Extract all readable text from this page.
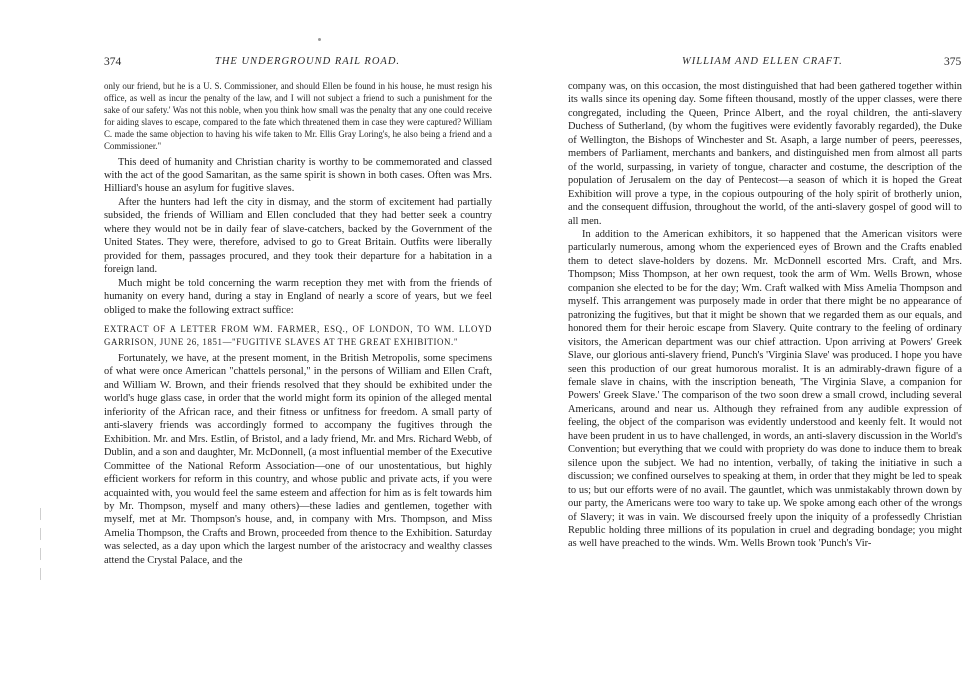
374	THE UNDERGROUND RAIL ROAD.	WILLIAM AND ELLEN CRAFT.	375

only our friend, but he is a U. S. Commissioner, and should Ellen be found in his house, he must resign his office, as well as incur the penalty of the law, and I will not subject a friend to such a punishment for the sake of our safety.' Was not this noble, when you think how small was the penalty that any one could receive for aiding slaves to escape, compared to the fate which threatened them in case they were captured? William C. made the same objection to having his wife taken to Mr. Ellis Gray Loring's, he also being a friend and a Commissioner."

This deed of humanity and Christian charity is worthy to be commemorated and classed with the act of the good Samaritan, as the same spirit is shown in both cases. Often was Mrs. Hilliard's house an asylum for fugitive slaves.

After the hunters had left the city in dismay, and the storm of excitement had partially subsided, the friends of William and Ellen concluded that they had better seek a country where they would not be in daily fear of slave-catchers, backed by the Government of the United States. They were, therefore, advised to go to Great Britain. Outfits were liberally provided for them, passages procured, and they took their departure for a habitation in a foreign land.

Much might be told concerning the warm reception they met with from the friends of humanity on every hand, during a stay in England of nearly a score of years, but we feel obliged to make the following extract suffice:

EXTRACT OF A LETTER FROM WM. FARMER, ESQ., OF LONDON, TO WM. LLOYD GARRISON, JUNE 26, 1851—"FUGITIVE SLAVES AT THE GREAT EXHIBITION."

Fortunately, we have, at the present moment, in the British Metropolis, some specimens of what were once American "chattels personal," in the persons of William and Ellen Craft, and William W. Brown, and their friends resolved that they should be exhibited under the world's huge glass case, in order that the world might form its opinion of the alleged mental inferiority of the African race, and their fitness or unfitness for freedom. A small party of anti-slavery friends was accordingly formed to accompany the fugitives through the Exhibition. Mr. and Mrs. Estlin, of Bristol, and a lady friend, Mr. and Mrs. Richard Webb, of Dublin, and a son and daughter, Mr. McDonnell, (a most influential member of the Executive Committee of the National Reform Association—one of our unostentatious, but highly efficient workers for reform in this country, and whose public and private acts, if you were acquainted with, you would feel the same esteem and affection for him as is felt towards him by Mr. Thompson, myself and many others)—these ladies and gentlemen, together with myself, met at Mr. Thompson's house, and, in company with Mrs. Thompson, and Miss Amelia Thompson, the Crafts and Brown, proceeded from thence to the Exhibition. Saturday was selected, as a day upon which the largest number of the aristocracy and wealthy classes attend the Crystal Palace, and the

company was, on this occasion, the most distinguished that had been gathered together within its walls since its opening day. Some fifteen thousand, mostly of the upper classes, were there congregated, including the Queen, Prince Albert, and the royal children, the anti-slavery Duchess of Sutherland, (by whom the fugitives were evidently favorably regarded), the Duke of Wellington, the Bishops of Winchester and St. Asaph, a large number of peers, peeresses, members of Parliament, merchants and bankers, and distinguished men from almost all parts of the world, surpassing, in variety of tongue, character and costume, the description of the population of Jerusalem on the day of Pentecost—a season of which it is hoped the Great Exhibition will prove a type, in the copious outpouring of the holy spirit of brotherly union, and the consequent diffusion, throughout the world, of the anti-slavery gospel of good will to all men.

In addition to the American exhibitors, it so happened that the American visitors were particularly numerous, among whom the experienced eyes of Brown and the Crafts enabled them to detect slave-holders by dozens. Mr. McDonnell escorted Mrs. Craft, and Mrs. Thompson; Miss Thompson, at her own request, took the arm of Wm. Wells Brown, whose companion she elected to be for the day; Wm. Craft walked with Miss Amelia Thompson and myself. This arrangement was purposely made in order that there might be no appearance of patronizing the fugitives, but that it might be shown that we regarded them as our equals, and honored them for their heroic escape from Slavery. Quite contrary to the feeling of ordinary visitors, the American department was our chief attraction. Upon arriving at Powers' Greek Slave, our glorious anti-slavery friend, Punch's 'Virginia Slave' was produced. I hope you have seen this production of our great humorous moralist. It is an admirably-drawn figure of a female slave in chains, with the inscription beneath, 'The Virginia Slave, a companion for Powers' Greek Slave.' The comparison of the two soon drew a small crowd, including several Americans, around and near us. Although they refrained from any audible expression of feeling, the object of the comparison was evidently understood and keenly felt. It would not have been prudent in us to have challenged, in words, an anti-slavery discussion in the World's Convention; but everything that we could with propriety do was done to induce them to break silence upon the subject. We had no intention, verbally, of taking the initiative in such a discussion; we confined ourselves to speaking at them, in order that they might be led to speak to us; but our efforts were of no avail. The gauntlet, which was unmistakably thrown down by our party, the Americans were too wary to take up. We spoke among each other of the wrongs of Slavery; it was in vain. We discoursed freely upon the iniquity of a professedly Christian Republic holding three millions of its population in cruel and degrading bondage; you might as well have preached to the winds. Wm. Wells Brown took 'Punch's Vir-
